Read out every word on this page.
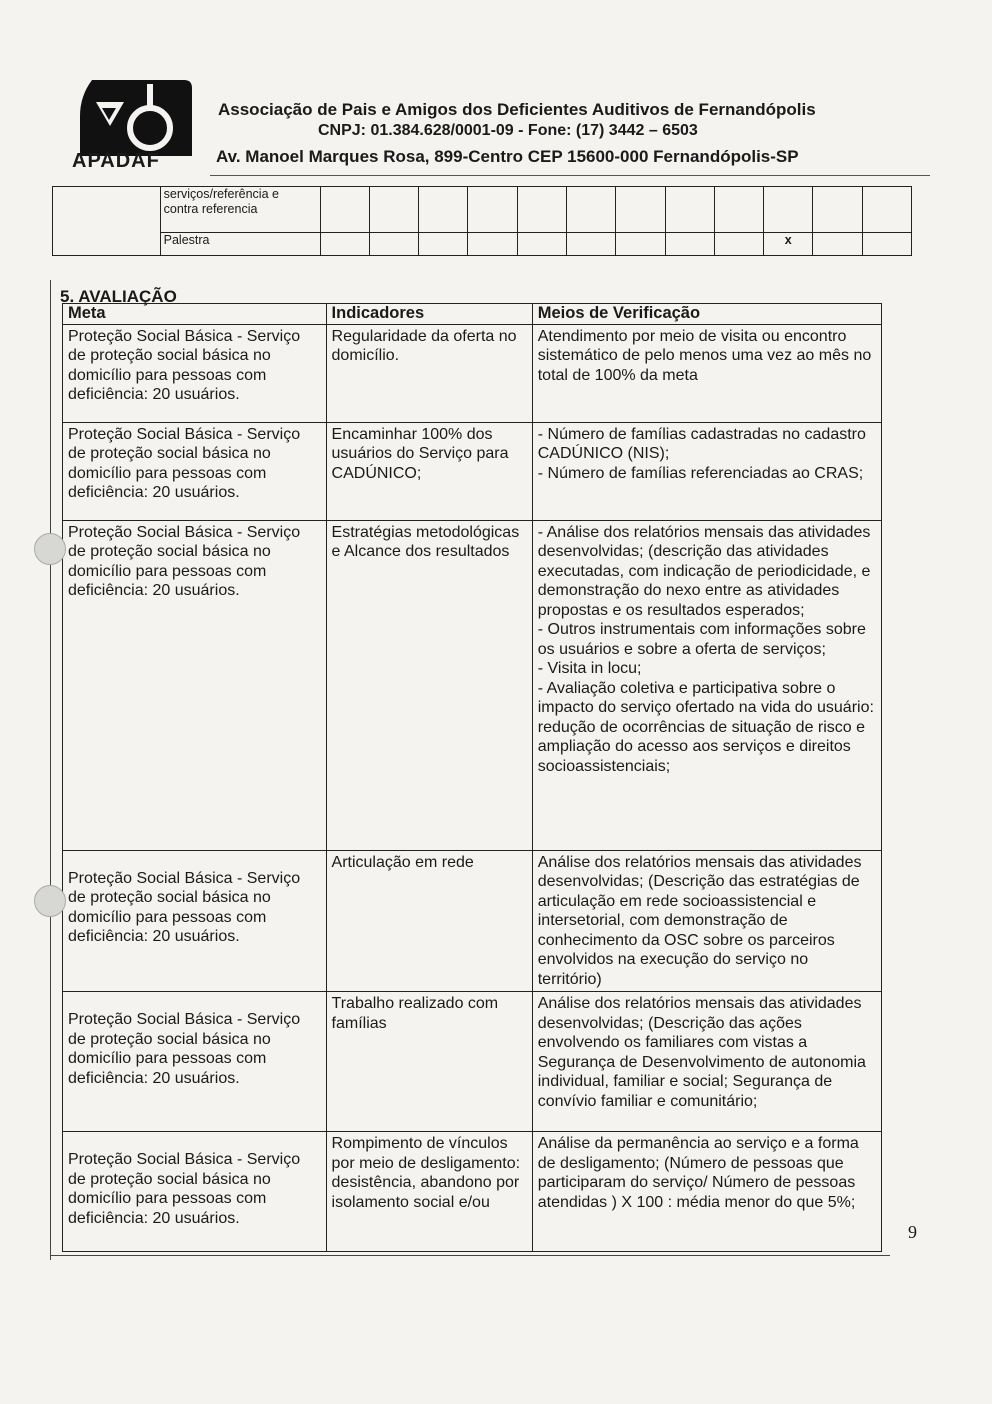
APADAF
Associação de Pais e Amigos dos Deficientes Auditivos de Fernandópolis
CNPJ: 01.384.628/0001-09 - Fone: (17) 3442 – 6503
Av. Manoel Marques Rosa, 899-Centro CEP 15600-000 Fernandópolis-SP
	serviços/referência e contra referencia												
	Palestra										x		
5. AVALIAÇÃO
Meta	Indicadores	Meios de Verificação
Proteção Social Básica - Serviço de proteção social básica no domicílio para pessoas com deficiência: 20 usuários.	Regularidade da oferta no domicílio.	Atendimento por meio de visita ou encontro sistemático de pelo menos uma vez ao mês no total de 100% da meta
Proteção Social Básica - Serviço de proteção social básica no domicílio para pessoas com deficiência: 20 usuários.	Encaminhar 100% dos usuários do Serviço para CADÚNICO;	- Número de famílias cadastradas no cadastro CADÚNICO (NIS);
- Número de famílias referenciadas ao CRAS;
Proteção Social Básica - Serviço de proteção social básica no domicílio para pessoas com deficiência: 20 usuários.	Estratégias metodológicas e Alcance dos resultados	- Análise dos relatórios mensais das atividades desenvolvidas; (descrição das atividades executadas, com indicação de periodicidade, e demonstração do nexo entre as atividades propostas e os resultados esperados;
- Outros instrumentais com informações sobre os usuários e sobre a oferta de serviços;
- Visita in locu;
- Avaliação coletiva e participativa sobre o impacto do serviço ofertado na vida do usuário: redução de ocorrências de situação de risco e ampliação do acesso aos serviços e direitos socioassistenciais;
Proteção Social Básica - Serviço de proteção social básica no domicílio para pessoas com deficiência: 20 usuários.	Articulação em rede	Análise dos relatórios mensais das atividades desenvolvidas; (Descrição das estratégias de articulação em rede socioassistencial e intersetorial, com demonstração de conhecimento da OSC sobre os parceiros envolvidos na execução do serviço no território)
Proteção Social Básica - Serviço de proteção social básica no domicílio para pessoas com deficiência: 20 usuários.	Trabalho realizado com famílias	Análise dos relatórios mensais das atividades desenvolvidas; (Descrição das ações envolvendo os familiares com vistas a Segurança de Desenvolvimento de autonomia individual, familiar e social; Segurança de convívio familiar e comunitário;
Proteção Social Básica - Serviço de proteção social básica no domicílio para pessoas com deficiência: 20 usuários.	Rompimento de vínculos por meio de desligamento: desistência, abandono por isolamento social e/ou	Análise da permanência ao serviço e a forma de desligamento; (Número de pessoas que participaram do serviço/ Número de pessoas atendidas ) X 100 : média menor do que 5%;
9
